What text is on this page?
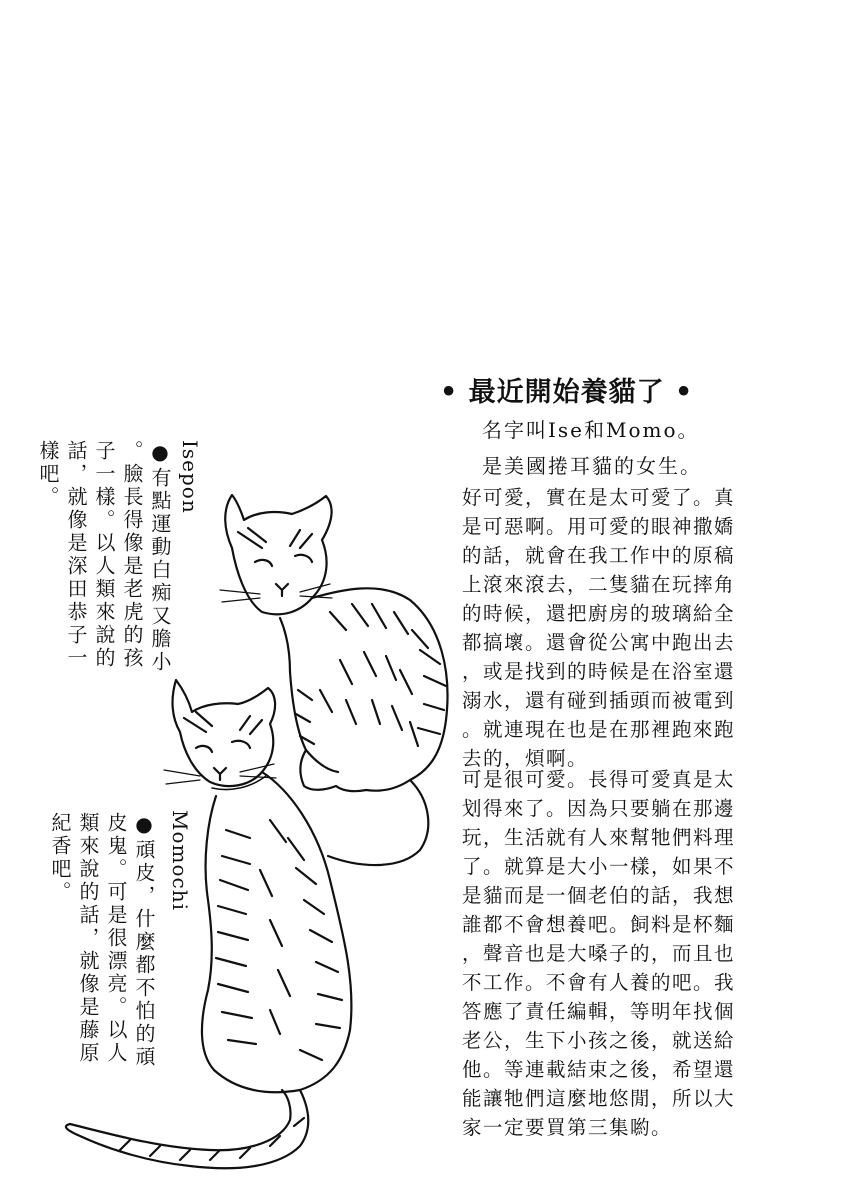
• 最近開始養貓了 •
名字叫Ise和Momo。
是美國捲耳貓的女生。
好可愛，實在是太可愛了。真
是可惡啊。用可愛的眼神撒嬌
的話，就會在我工作中的原稿
上滾來滾去，二隻貓在玩摔角
的時候，還把廚房的玻璃給全
都搞壞。還會從公寓中跑出去
，或是找到的時候是在浴室還
溺水，還有碰到插頭而被電到
。就連現在也是在那裡跑來跑
去的，煩啊。
可是很可愛。長得可愛真是太
划得來了。因為只要躺在那邊
玩，生活就有人來幫牠們料理
了。就算是大小一樣，如果不
是貓而是一個老伯的話，我想
誰都不會想養吧。飼料是杯麵
，聲音也是大嗓子的，而且也
不工作。不會有人養的吧。我
答應了責任編輯，等明年找個
老公，生下小孩之後，就送給
他。等連載結束之後，希望還
能讓牠們這麼地悠閒，所以大
家一定要買第三集喲。
Isepon
●有點運動白痴又膽小
。臉長得像是老虎的孩
子一樣。以人類來說的
話，就像是深田恭子一
樣吧。
Momochi
●頑皮，什麼都不怕的頑
皮鬼。可是很漂亮。以人
類來說的話，就像是藤原
紀香吧。
